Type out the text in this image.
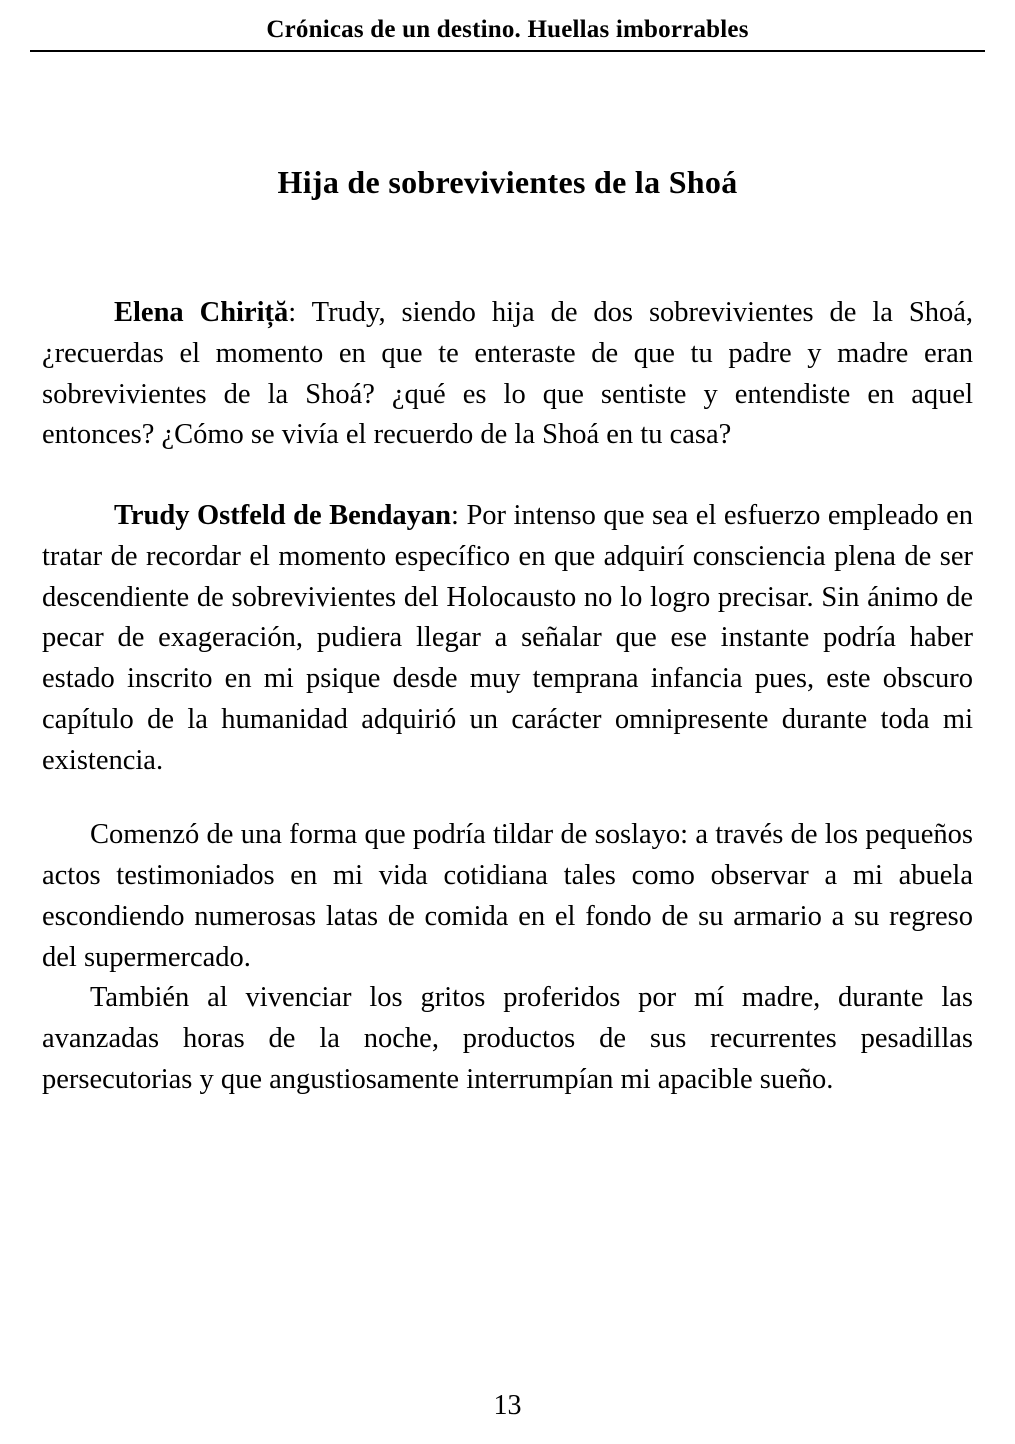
Crónicas de un destino. Huellas imborrables
Hija de sobrevivientes de la Shoá

Elena Chiriță: Trudy, siendo hija de dos sobrevivientes de la Shoá, ¿recuerdas el momento en que te enteraste de que tu padre y madre eran sobrevivientes de la Shoá? ¿qué es lo que sentiste y entendiste en aquel entonces? ¿Cómo se vivía el recuerdo de la Shoá en tu casa?

Trudy Ostfeld de Bendayan: Por intenso que sea el esfuerzo empleado en tratar de recordar el momento específico en que adquirí consciencia plena de ser descendiente de sobrevivientes del Holocausto no lo logro precisar. Sin ánimo de pecar de exageración, pudiera llegar a señalar que ese instante podría haber estado inscrito en mi psique desde muy temprana infancia pues, este obscuro capítulo de la humanidad adquirió un carácter omnipresente durante toda mi existencia.

Comenzó de una forma que podría tildar de soslayo: a través de los pequeños actos testimoniados en mi vida cotidiana tales como observar a mi abuela escondiendo numerosas latas de comida en el fondo de su armario a su regreso del supermercado.

También al vivenciar los gritos proferidos por mí madre, durante las avanzadas horas de la noche, productos de sus recurrentes pesadillas persecutorias y que angustiosamente interrumpían mi apacible sueño.

13
